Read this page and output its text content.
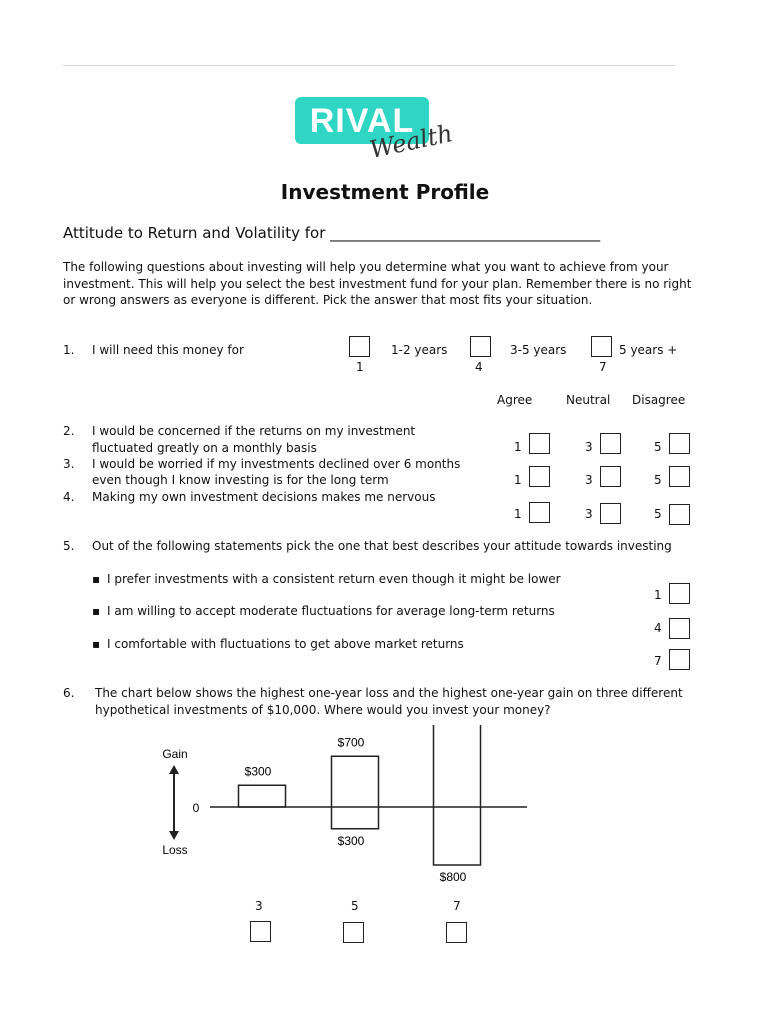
RIVAL
Wealth
Investment Profile
Attitude to Return and Volatility for ____________________________________
The following questions about investing will help you determine what you want to achieve from your investment. This will help you select the best investment fund for your plan. Remember there is no right or wrong answers as everyone is different. Pick the answer that most fits your situation.
1. I will need this money for	1-2 years
1
3-5 years
4
5 years +
7
Agree	Neutral Disagree
2. I would be concerned if the returns on my investment
fluctuated greatly on a monthly basis	1	3	5
3. I would be worried if my investments declined over 6 months
even though I know investing is for the long term	1	3	5
4. Making my own investment decisions makes me nervous
1	3	5
5. Out of the following statements pick the one that best describes your attitude towards investing
▪ I prefer investments with a consistent return even though it might be lower
▪ I am willing to accept moderate fluctuations for average long-term returns
▪ I comfortable with fluctuations to get above market returns
1
4
7
6. The chart below shows the highest one-year loss and the highest one-year gain on three different
hypothetical investments of $10,000. Where would you invest your money?
Gain
Loss
0
$300
$700
$300
$800
3	5	7
